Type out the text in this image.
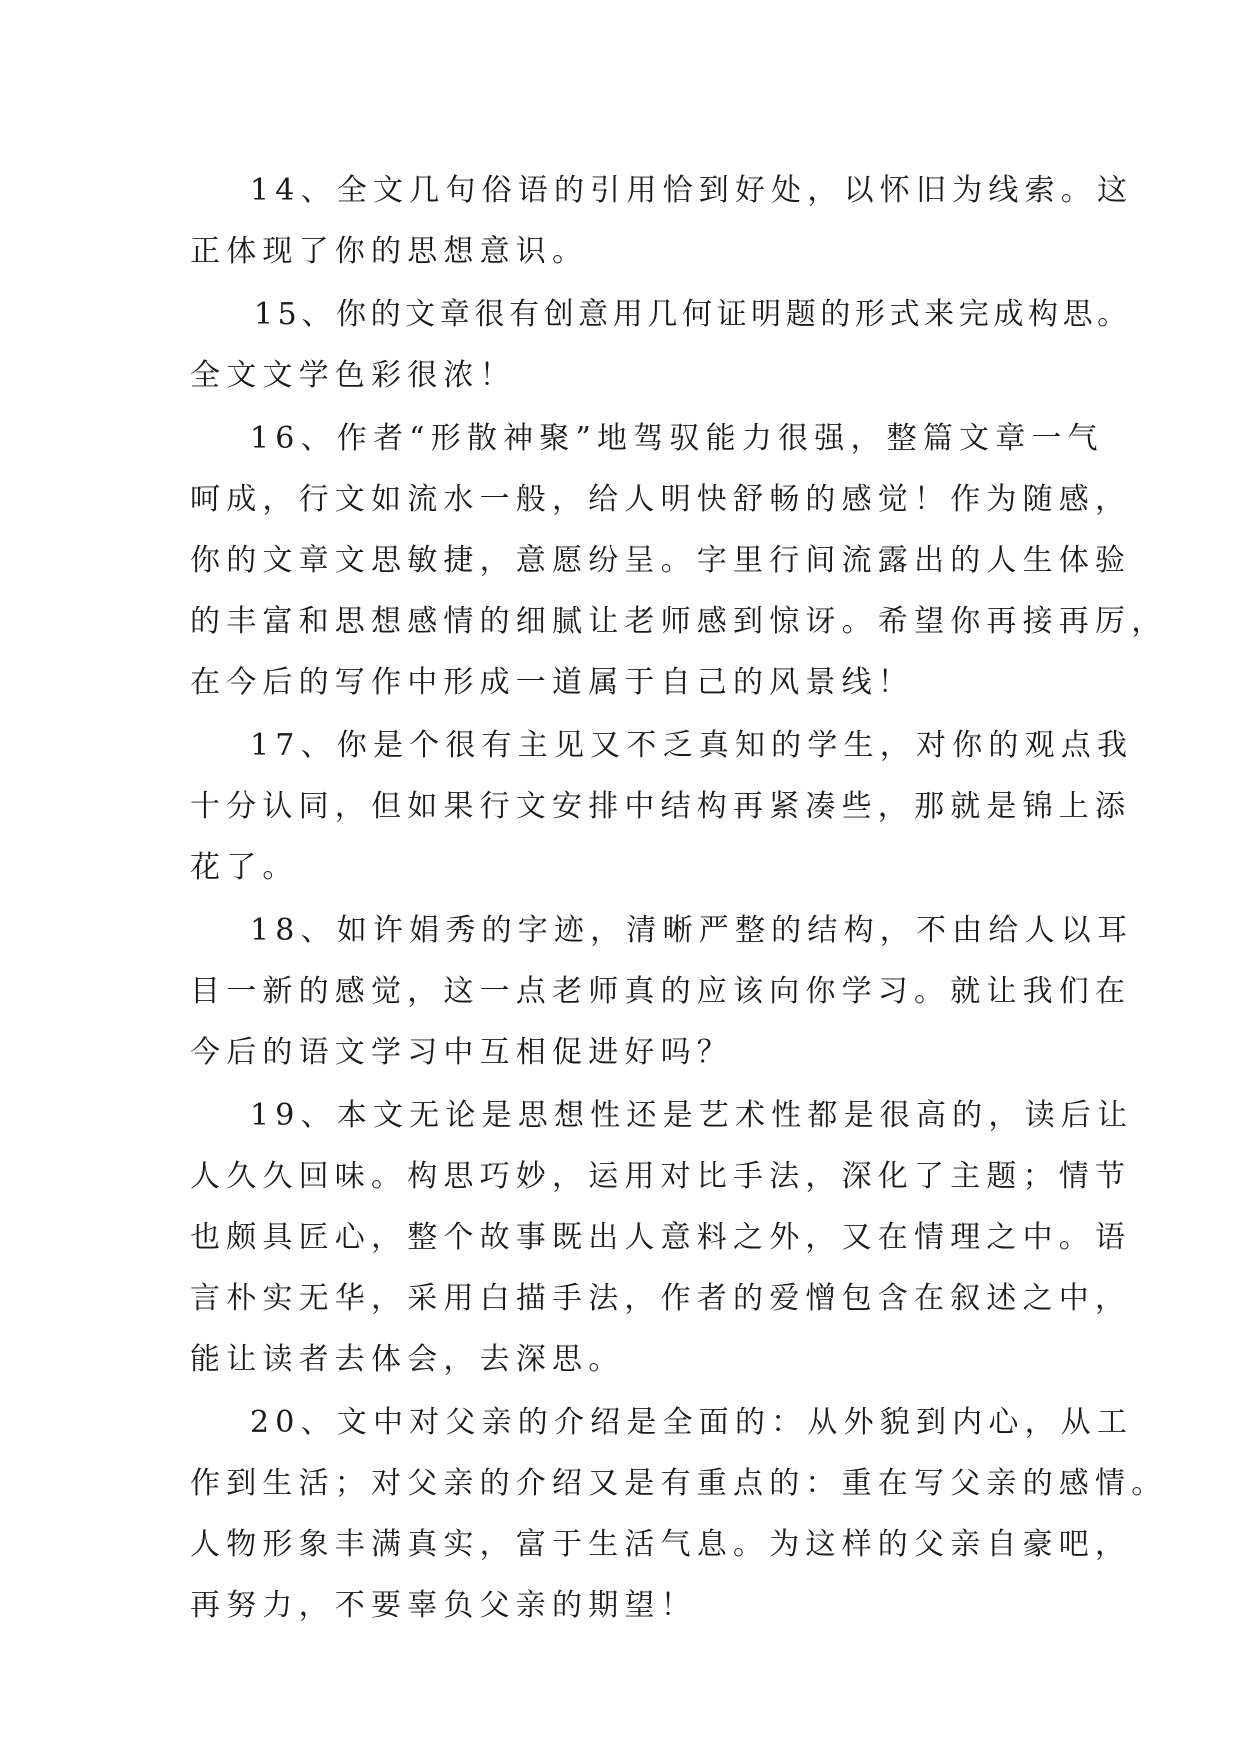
14、全文几句俗语的引用恰到好处，以怀旧为线索。这
正体现了你的思想意识。

15、你的文章很有创意用几何证明题的形式来完成构思。
全文文学色彩很浓！

16、作者“形散神聚”地驾驭能力很强，整篇文章一气
呵成，行文如流水一般，给人明快舒畅的感觉！作为随感，
你的文章文思敏捷，意愿纷呈。字里行间流露出的人生体验
的丰富和思想感情的细腻让老师感到惊讶。希望你再接再厉，
在今后的写作中形成一道属于自己的风景线！

17、你是个很有主见又不乏真知的学生，对你的观点我
十分认同，但如果行文安排中结构再紧凑些，那就是锦上添
花了。

18、如许娟秀的字迹，清晰严整的结构，不由给人以耳
目一新的感觉，这一点老师真的应该向你学习。就让我们在
今后的语文学习中互相促进好吗？

19、本文无论是思想性还是艺术性都是很高的，读后让
人久久回味。构思巧妙，运用对比手法，深化了主题；情节
也颇具匠心，整个故事既出人意料之外，又在情理之中。语
言朴实无华，采用白描手法，作者的爱憎包含在叙述之中，
能让读者去体会，去深思。

20、文中对父亲的介绍是全面的：从外貌到内心，从工
作到生活；对父亲的介绍又是有重点的：重在写父亲的感情。
人物形象丰满真实，富于生活气息。为这样的父亲自豪吧，
再努力，不要辜负父亲的期望！
